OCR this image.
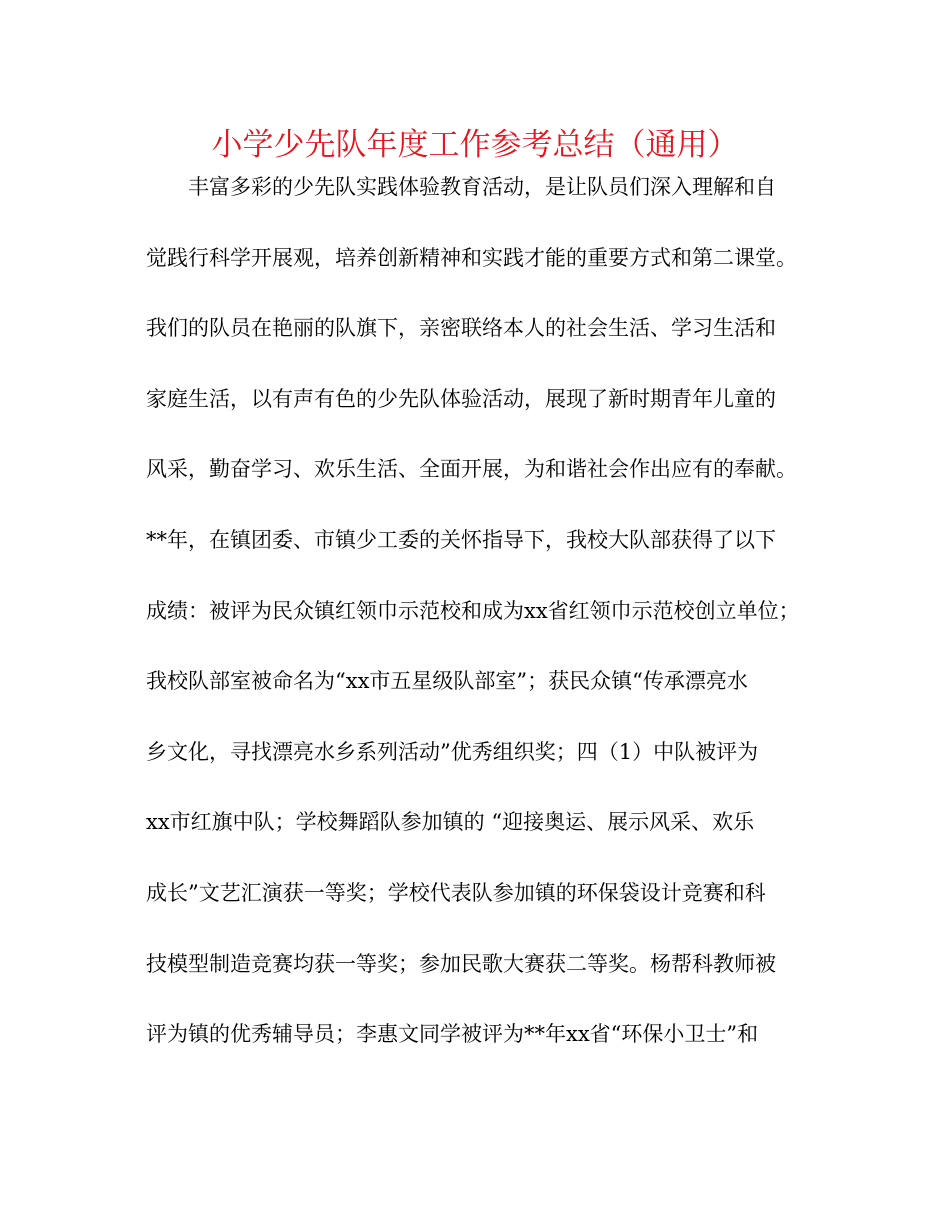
小学少先队年度工作参考总结（通用）
丰富多彩的少先队实践体验教育活动，是让队员们深入理解和自
觉践行科学开展观，培养创新精神和实践才能的重要方式和第二课堂。
我们的队员在艳丽的队旗下，亲密联络本人的社会生活、学习生活和
家庭生活，以有声有色的少先队体验活动，展现了新时期青年儿童的
风采，勤奋学习、欢乐生活、全面开展，为和谐社会作出应有的奉献。
**年，在镇团委、市镇少工委的关怀指导下，我校大队部获得了以下
成绩：被评为民众镇红领巾示范校和成为xx省红领巾示范校创立单位；
我校队部室被命名为“xx市五星级队部室”；获民众镇“传承漂亮水
乡文化，寻找漂亮水乡系列活动”优秀组织奖；四（1）中队被评为
xx市红旗中队；学校舞蹈队参加镇的 “迎接奥运、展示风采、欢乐
成长”文艺汇演获一等奖；学校代表队参加镇的环保袋设计竞赛和科
技模型制造竞赛均获一等奖；参加民歌大赛获二等奖。杨帮科教师被
评为镇的优秀辅导员；李惠文同学被评为**年xx省“环保小卫士”和
